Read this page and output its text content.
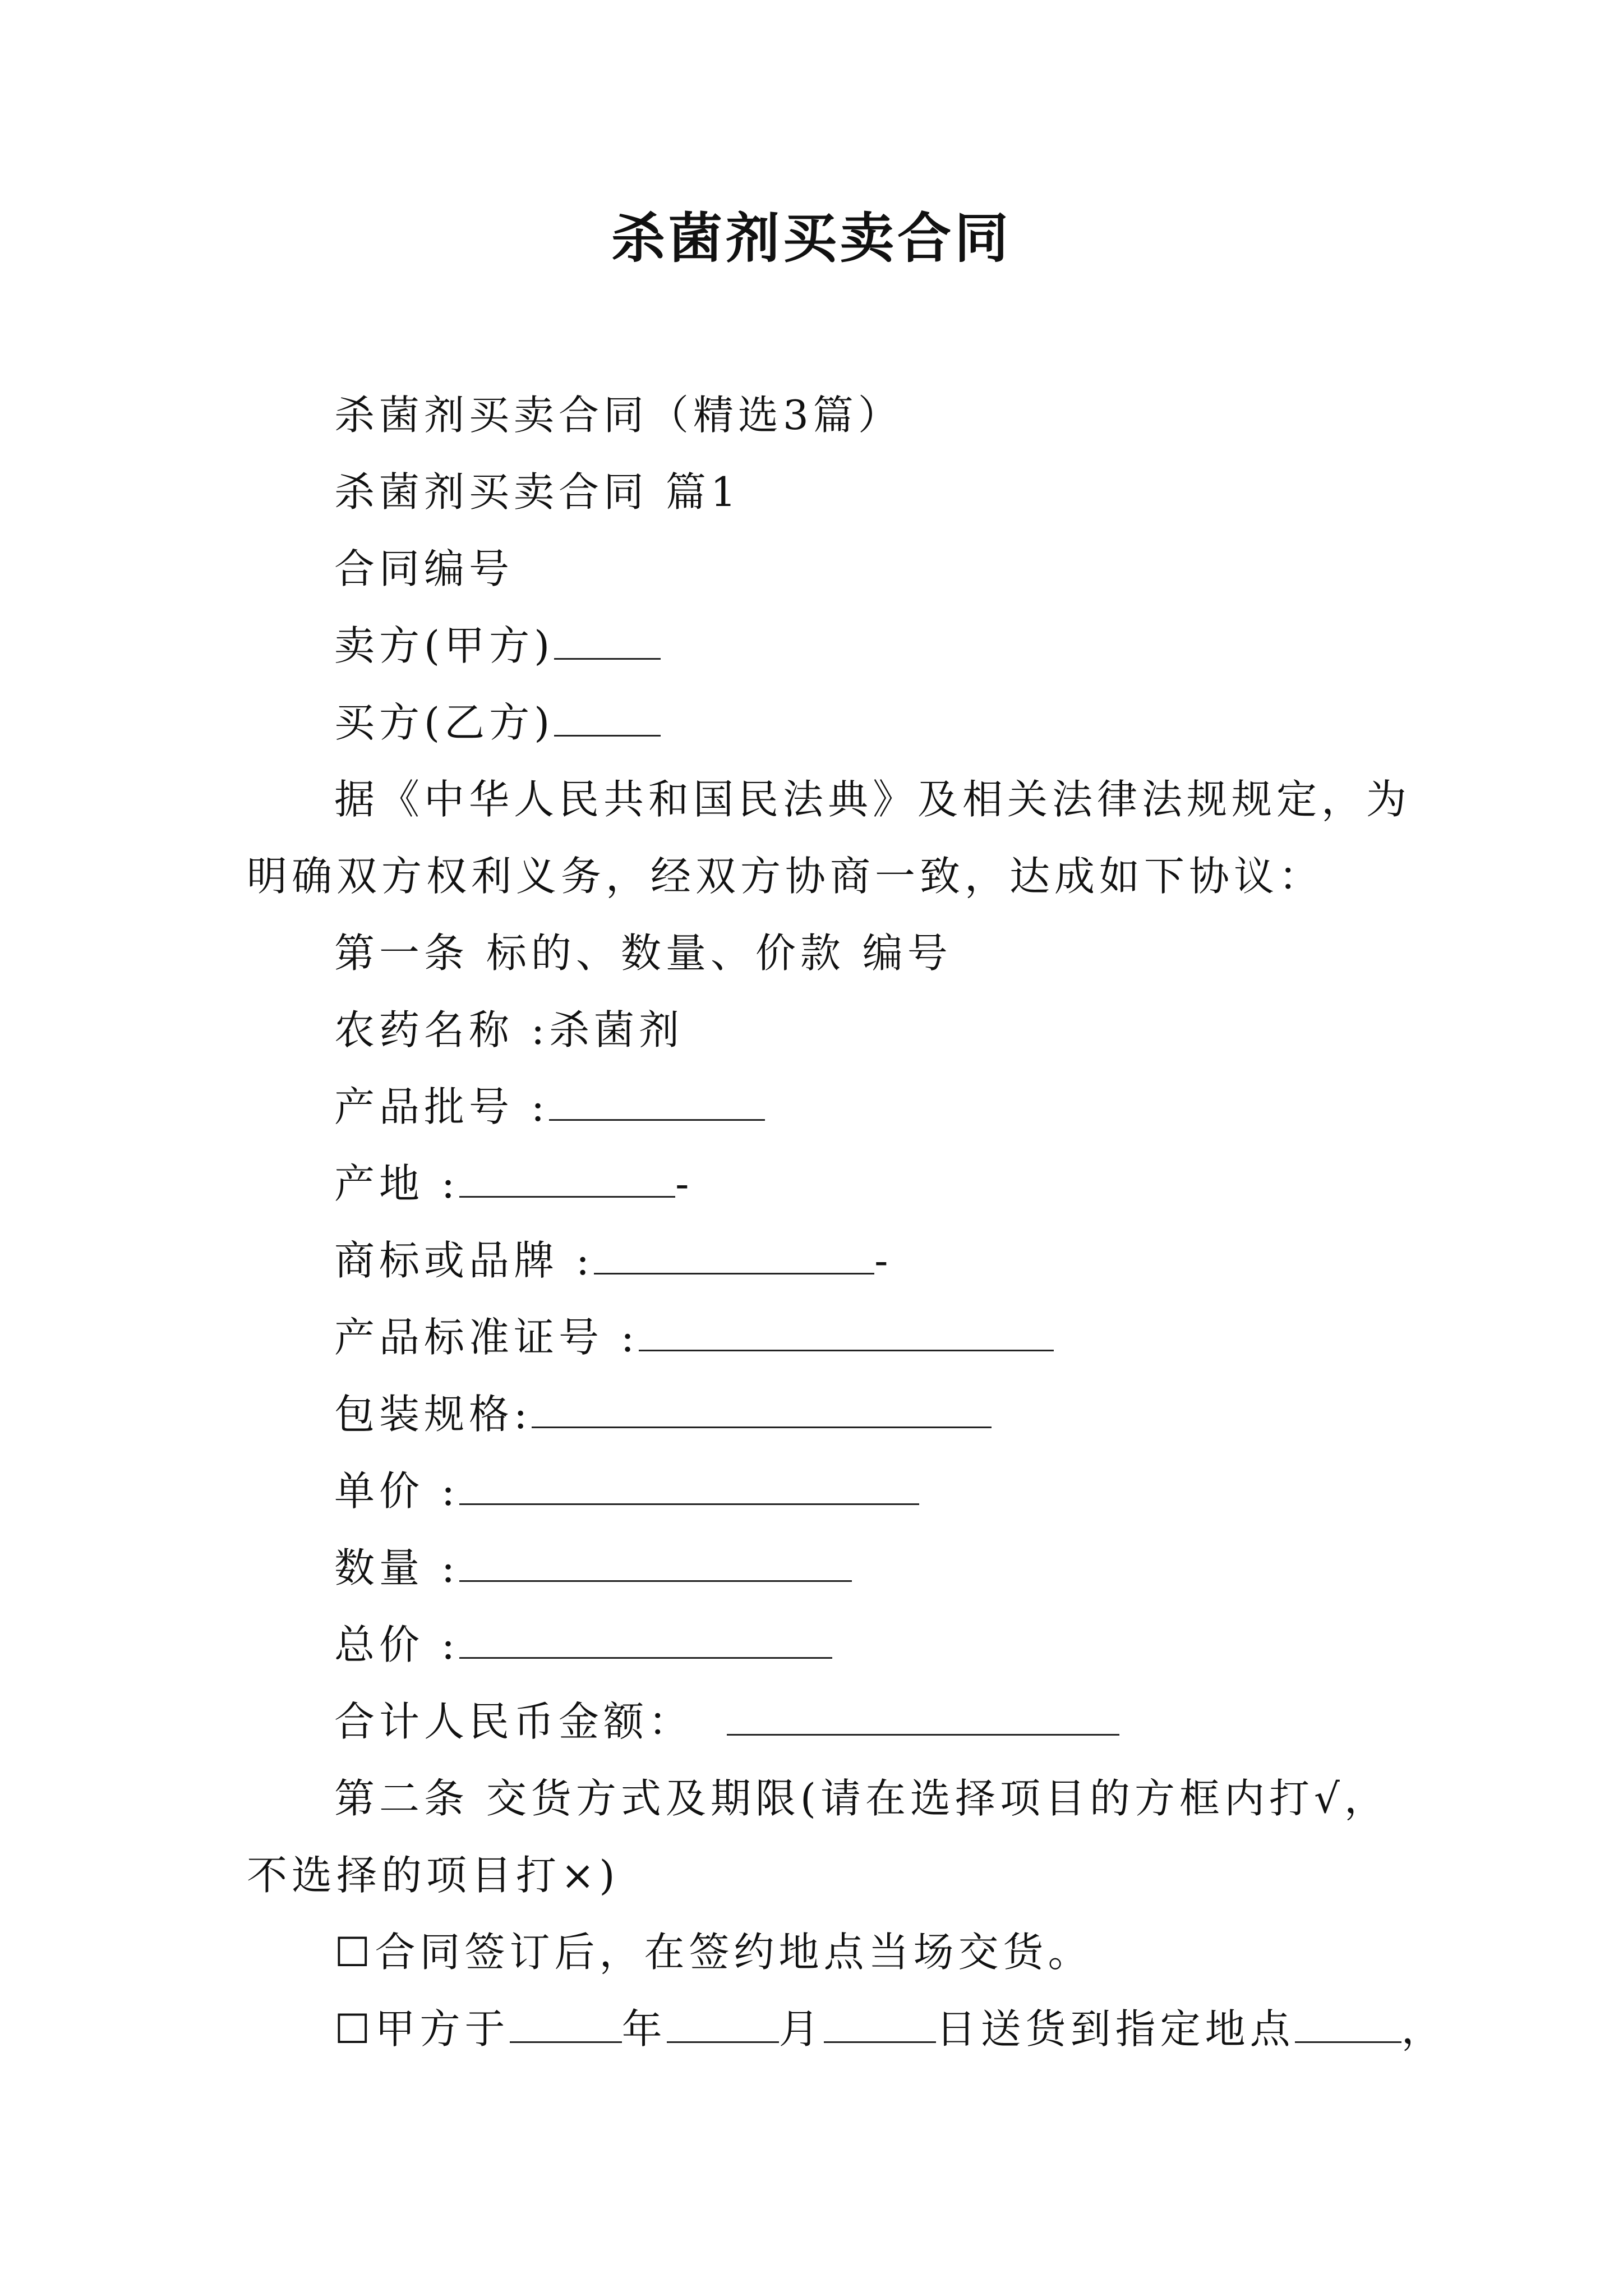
杀菌剂买卖合同
杀菌剂买卖合同（精选3篇）
杀菌剂买卖合同 篇1
合同编号
卖方(甲方)
买方(乙方)
据《中华人民共和国民法典》及相关法律法规规定，为
明确双方权利义务，经双方协商一致，达成如下协议：
第一条 标的、数量、价款 编号
农药名称 :杀菌剂
产品批号 :
产地 :	-
商标或品牌 :	-
产品标准证号 :
包装规格:
单价 :
数量 :
总价 :
合计人民币金额：
第二条 交货方式及期限(请在选择项目的方框内打√，
不选择的项目打×)
☐合同签订后，在签约地点当场交货。
☐甲方于	年	月	日送货到指定地点	，
